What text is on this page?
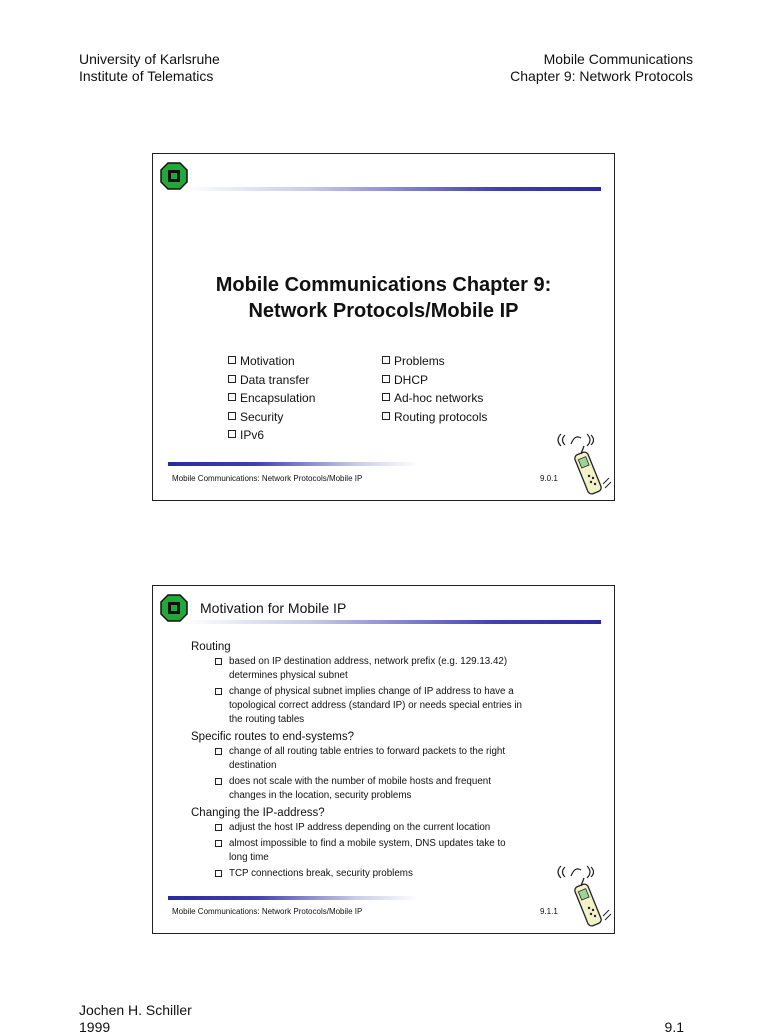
University of Karlsruhe
Institute of Telematics
Mobile Communications
Chapter 9: Network Protocols
Mobile Communications Chapter 9:
Network Protocols/Mobile IP
Motivation
Data transfer
Encapsulation
Security
IPv6
Problems
DHCP
Ad-hoc networks
Routing protocols
Mobile Communications: Network Protocols/Mobile IP	9.0.1
Motivation for Mobile IP
Routing
based on IP destination address, network prefix (e.g. 129.13.42)
determines physical subnet
change of physical subnet implies change of IP address to have a
topological correct address (standard IP) or needs special entries in
the routing tables
Specific routes to end-systems?
change of all routing table entries to forward packets to the right
destination
does not scale with the number of mobile hosts and frequent
changes in the location, security problems
Changing the IP-address?
adjust the host IP address depending on the current location
almost impossible to find a mobile system, DNS updates take to
long time
TCP connections break, security problems
Mobile Communications: Network Protocols/Mobile IP	9.1.1
Jochen H. Schiller
1999	9.1
